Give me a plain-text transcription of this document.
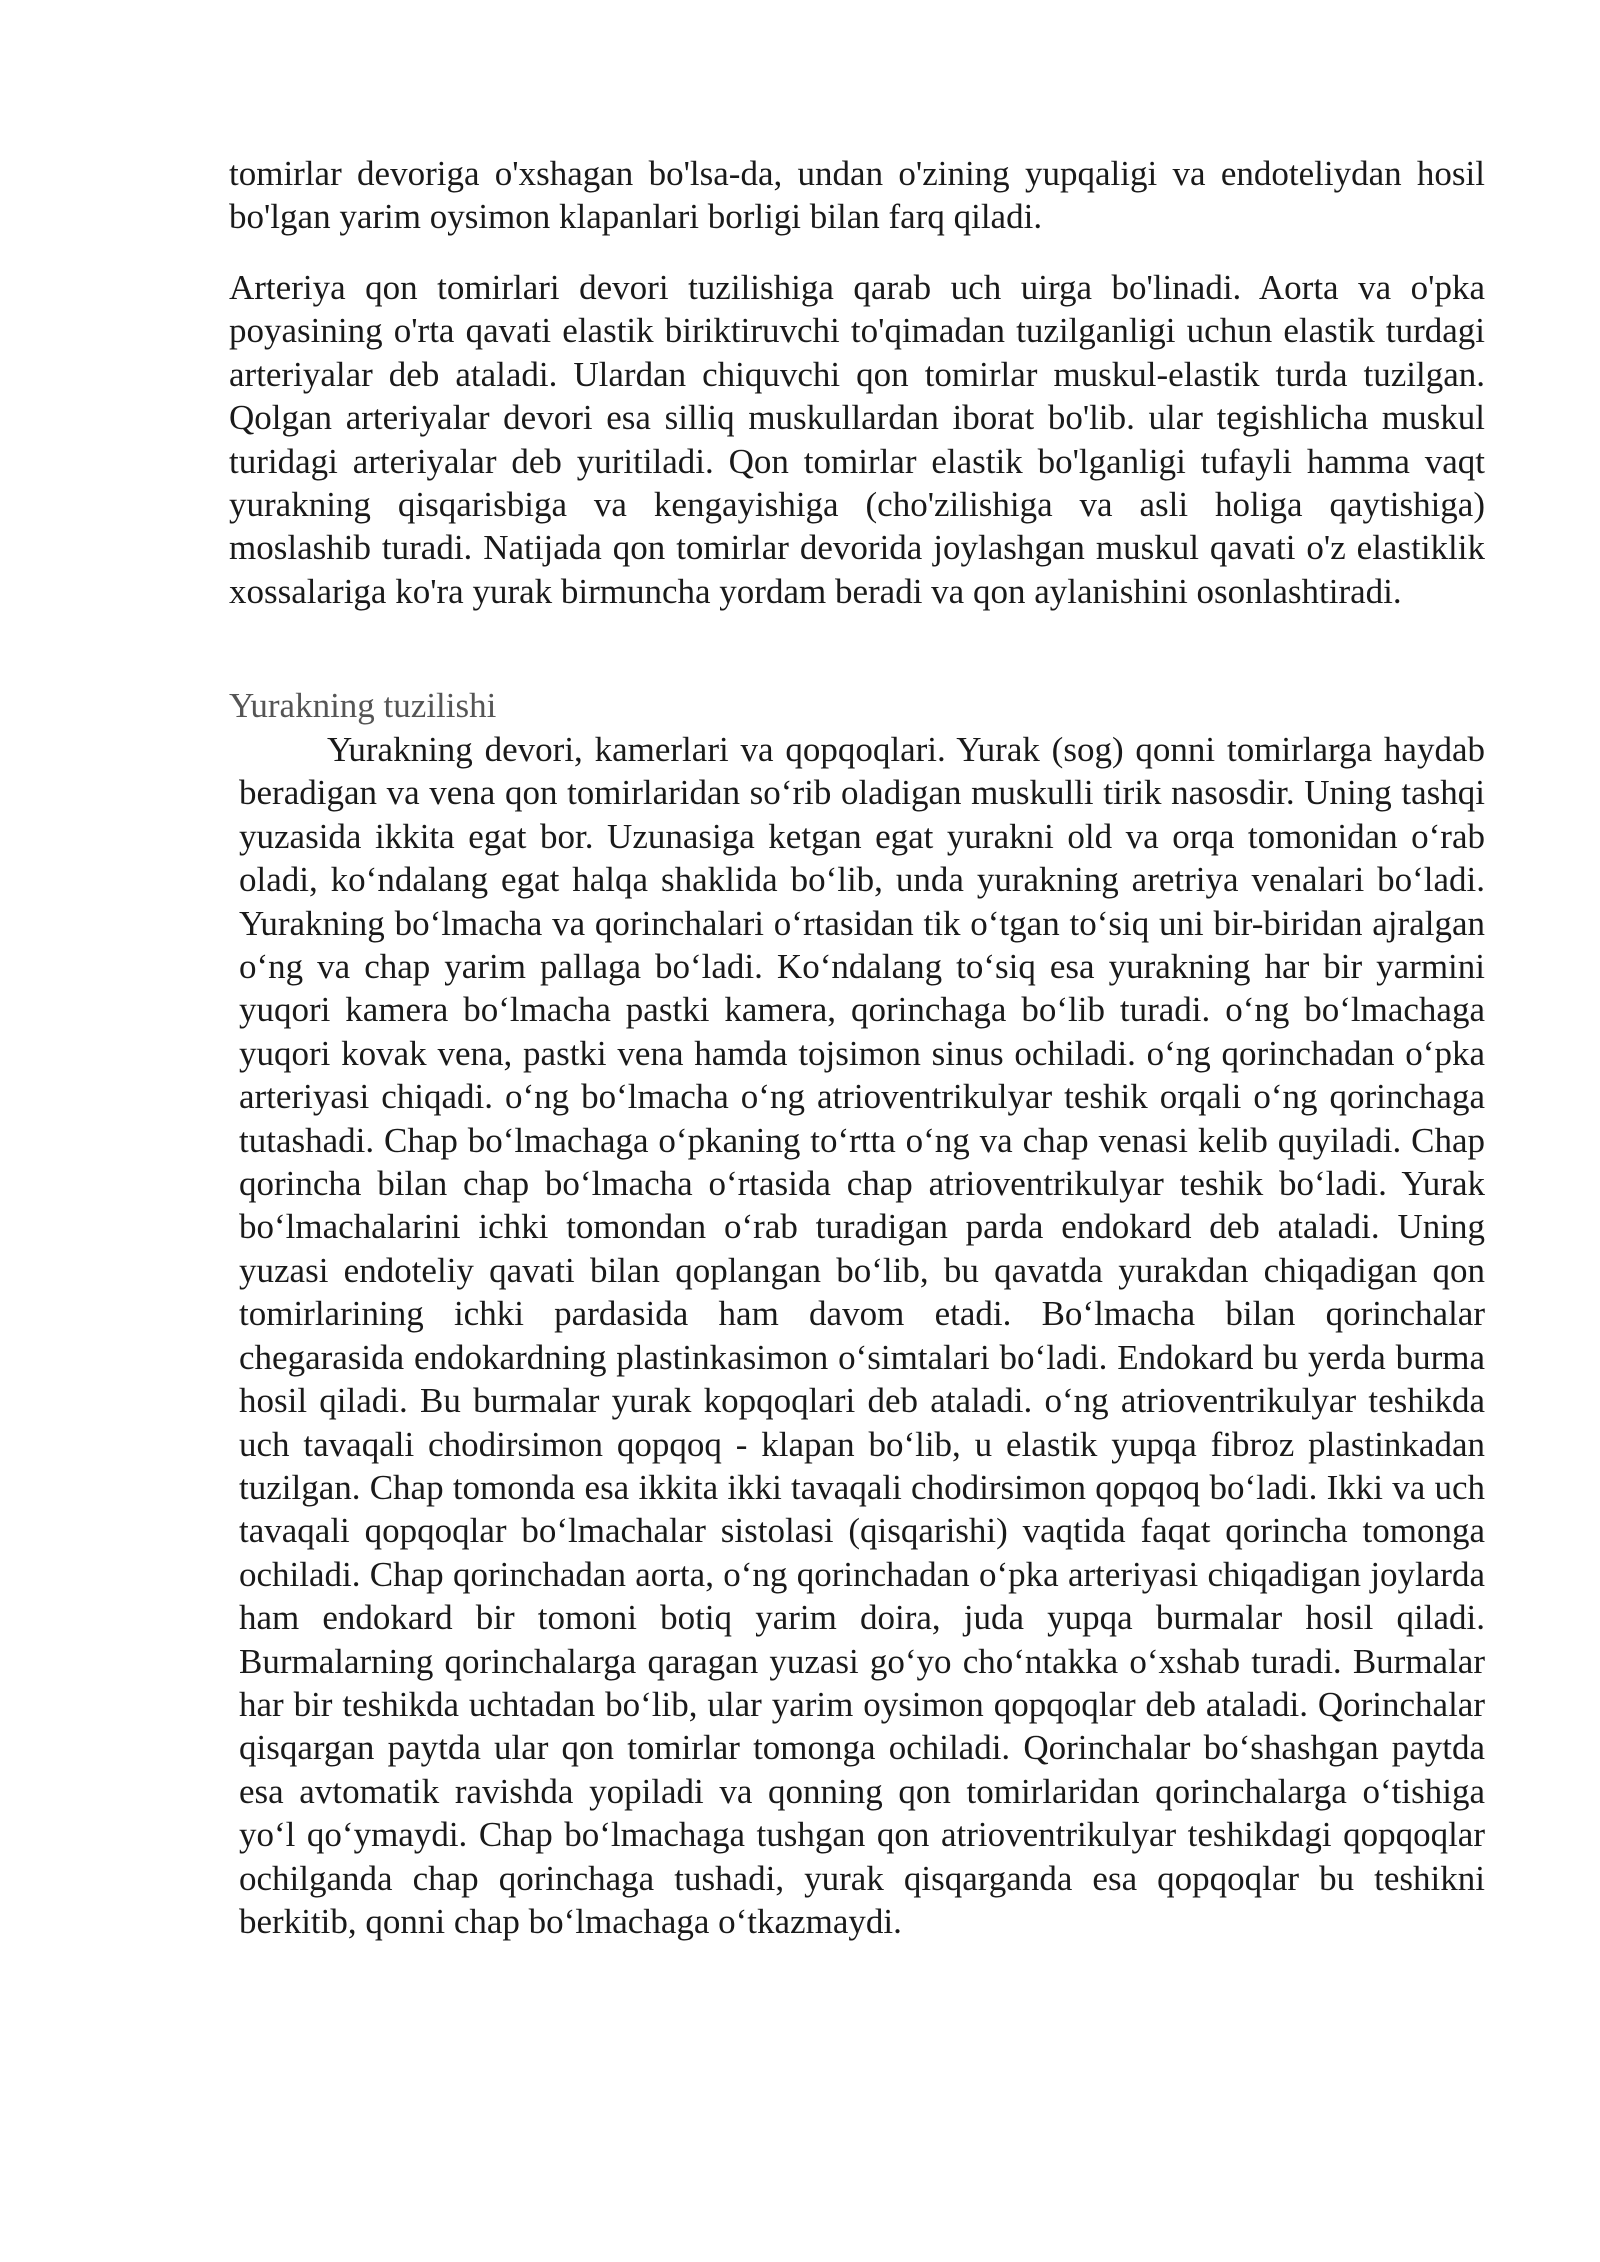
tomirlar devoriga o'xshagan bo'lsa-da, undan o'zining yupqaligi va endoteliydan hosil bo'lgan yarim oysimon klapanlari borligi bilan farq qiladi.

Arteriya qon tomirlari devori tuzilishiga qarab uch uirga bo'linadi. Aorta va o'pka poyasining o'rta qavati elastik biriktiruvchi to'qimadan tuzilganligi uchun elastik turdagi arteriyalar deb ataladi. Ulardan chiquvchi qon tomirlar muskul-elastik turda tuzilgan. Qolgan arteriyalar devori esa silliq muskullardan iborat bo'lib. ular tegishlicha muskul turidagi arteriyalar deb yuritiladi. Qon tomirlar elastik bo'lganligi tufayli hamma vaqt yurakning qisqarisbiga va kengayishiga (cho'zilishiga va asli holiga qaytishiga) moslashib turadi. Natijada qon tomirlar devorida joylashgan muskul qavati o'z elastiklik xossalariga ko'ra yurak birmuncha yordam beradi va qon aylanishini osonlashtiradi.

Yurakning tuzilishi

Yurakning devori, kamerlari va qopqoqlari. Yurak (sog) qonni tomirlarga haydab beradigan va vena qon tomirlaridan so‘rib oladigan muskulli tirik nasosdir. Uning tashqi yuzasida ikkita egat bor. Uzunasiga ketgan egat yurakni old va orqa tomonidan o‘rab oladi, ko‘ndalang egat halqa shaklida bo‘lib, unda yurakning aretriya venalari bo‘ladi. Yurakning bo‘lmacha va qorinchalari o‘rtasidan tik o‘tgan to‘siq uni bir-biridan ajralgan o‘ng va chap yarim pallaga bo‘ladi. Ko‘ndalang to‘siq esa yurakning har bir yarmini yuqori kamera bo‘lmacha pastki kamera, qorinchaga bo‘lib turadi. o‘ng bo‘lmachaga yuqori kovak vena, pastki vena hamda tojsimon sinus ochiladi. o‘ng qorinchadan o‘pka arteriyasi chiqadi. o‘ng bo‘lmacha o‘ng atrioventrikulyar teshik orqali o‘ng qorinchaga tutashadi. Chap bo‘lmachaga o‘pkaning to‘rtta o‘ng va chap venasi kelib quyiladi. Chap qorincha bilan chap bo‘lmacha o‘rtasida chap atrioventrikulyar teshik bo‘ladi. Yurak bo‘lmachalarini ichki tomondan o‘rab turadigan parda endokard deb ataladi. Uning yuzasi endoteliy qavati bilan qoplangan bo‘lib, bu qavatda yurakdan chiqadigan qon tomirlarining ichki pardasida ham davom etadi. Bo‘lmacha bilan qorinchalar chegarasida endokardning plastinkasimon o‘simtalari bo‘ladi. Endokard bu yerda burma hosil qiladi. Bu burmalar yurak kopqoqlari deb ataladi. o‘ng atrioventrikulyar teshikda uch tavaqali chodirsimon qopqoq - klapan bo‘lib, u elastik yupqa fibroz plastinkadan tuzilgan. Chap tomonda esa ikkita ikki tavaqali chodirsimon qopqoq bo‘ladi. Ikki va uch tavaqali qopqoqlar bo‘lmachalar sistolasi (qisqarishi) vaqtida faqat qorincha tomonga ochiladi. Chap qorinchadan aorta, o‘ng qorinchadan o‘pka arteriyasi chiqadigan joylarda ham endokard bir tomoni botiq yarim doira, juda yupqa burmalar hosil qiladi. Burmalarning qorinchalarga qaragan yuzasi go‘yo cho‘ntakka o‘xshab turadi. Burmalar har bir teshikda uchtadan bo‘lib, ular yarim oysimon qopqoqlar deb ataladi. Qorinchalar qisqargan paytda ular qon tomirlar tomonga ochiladi. Qorinchalar bo‘shashgan paytda esa avtomatik ravishda yopiladi va qonning qon tomirlaridan qorinchalarga o‘tishiga yo‘l qo‘ymaydi. Chap bo‘lmachaga tushgan qon atrioventrikulyar teshikdagi qopqoqlar ochilganda chap qorinchaga tushadi, yurak qisqarganda esa qopqoqlar bu teshikni berkitib, qonni chap bo‘lmachaga o‘tkazmaydi.
